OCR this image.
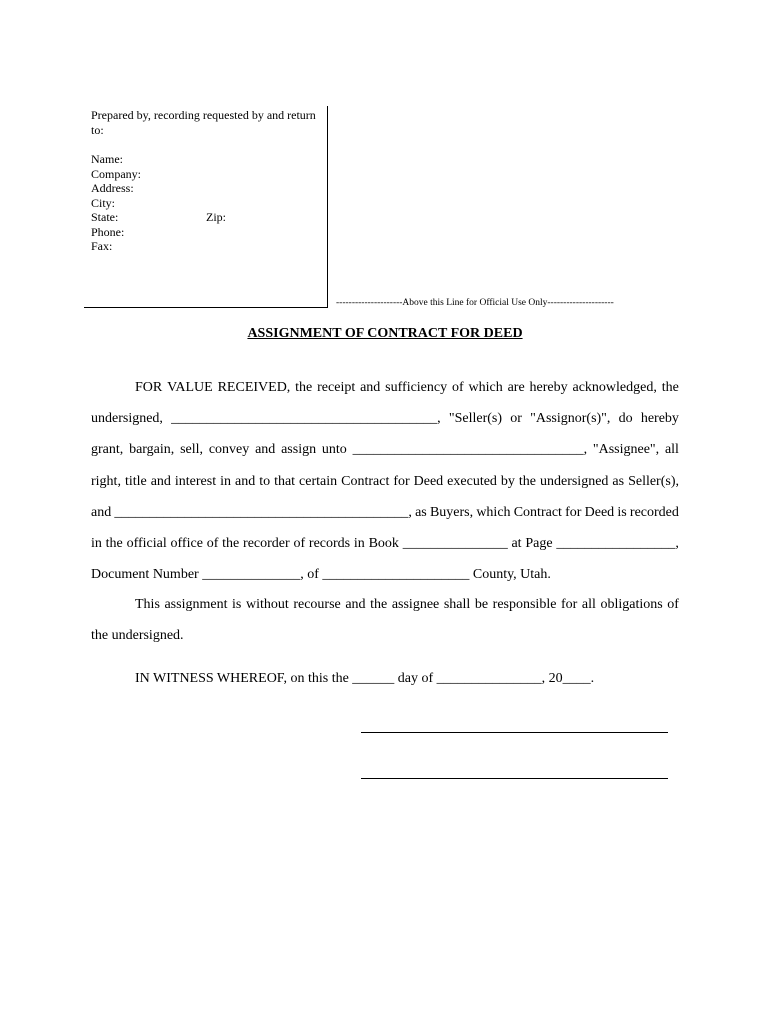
Prepared by, recording requested by and return to:
Name:
Company:
Address:
City:
State:
Phone:
Fax:
Zip:
---------------------Above this Line for Official Use Only---------------------
ASSIGNMENT OF CONTRACT FOR DEED
FOR VALUE RECEIVED, the receipt and sufficiency of which are hereby acknowledged, the
undersigned, ______________________________________, "Seller(s) or "Assignor(s)", do hereby
grant, bargain, sell, convey and assign unto _________________________________, "Assignee", all
right, title and interest in and to that certain Contract for Deed executed by the undersigned as Seller(s),
and __________________________________________, as Buyers, which Contract for Deed is recorded
in the official office of the recorder of records in Book _______________ at Page _________________,
Document Number ______________, of _____________________ County, Utah.
This assignment is without recourse and the assignee shall be responsible for all obligations of
the undersigned.
IN WITNESS WHEREOF, on this the ______ day of _______________, 20____.
